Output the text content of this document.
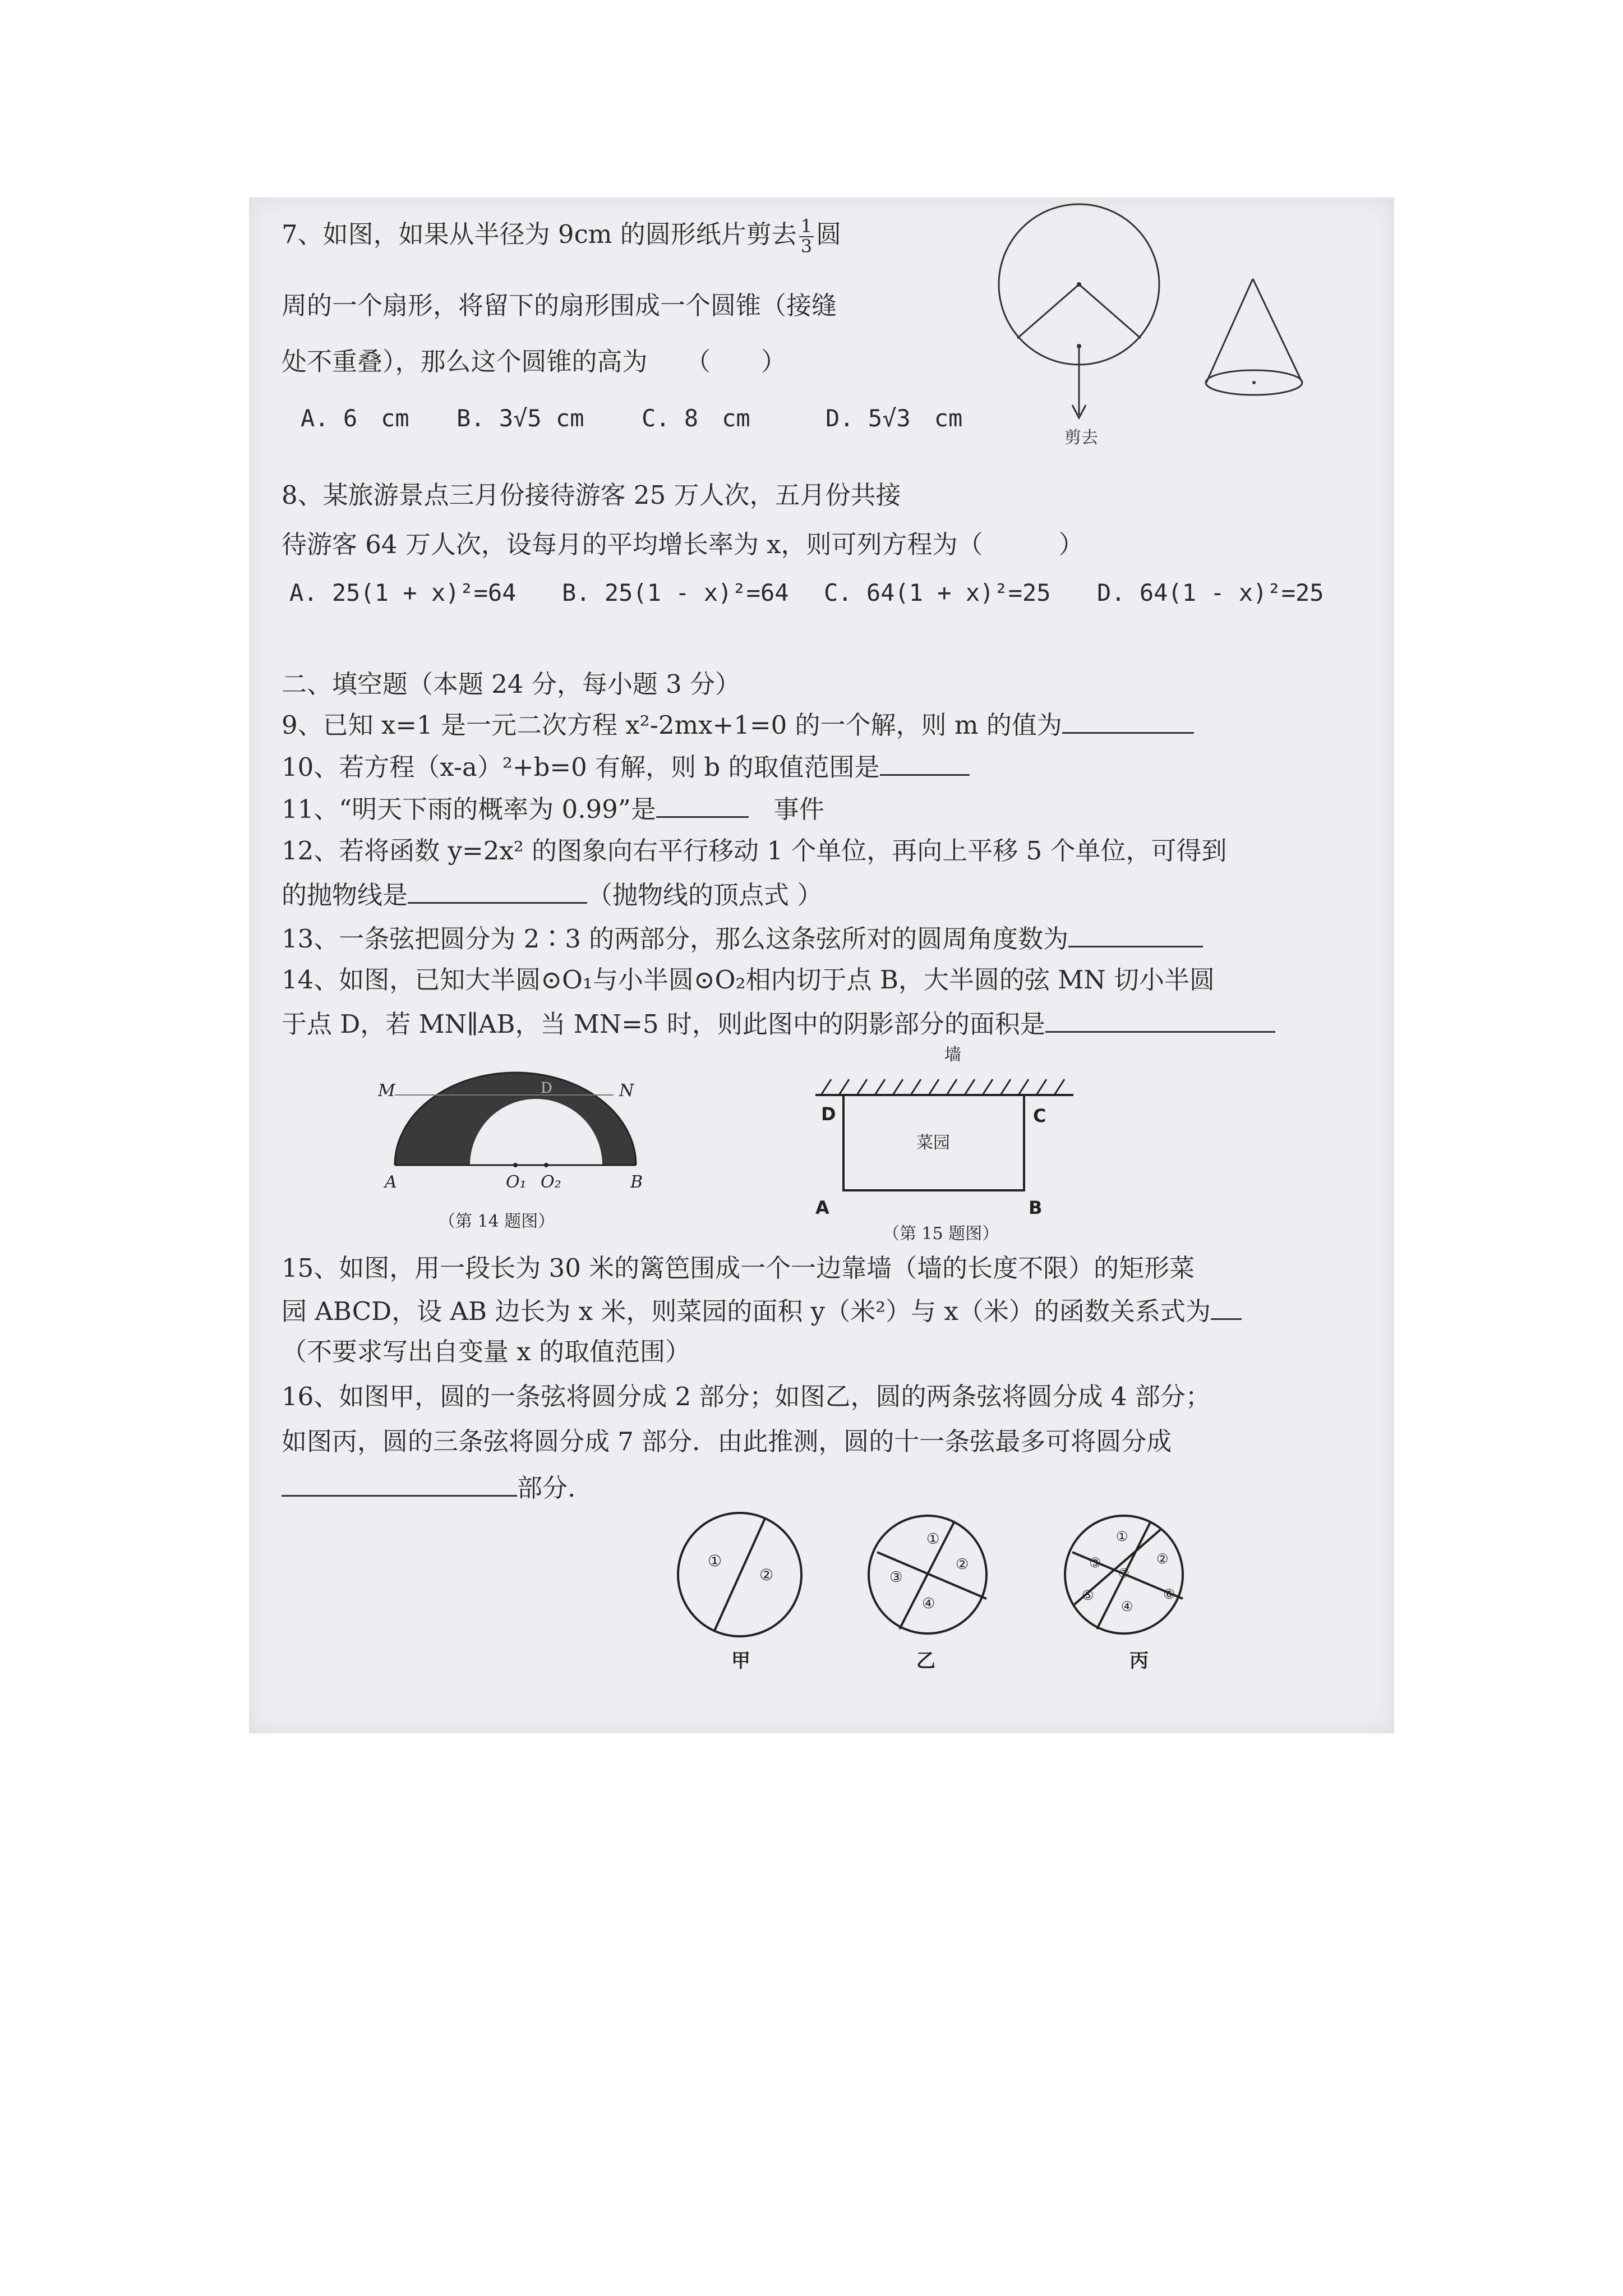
7、如图，如果从半径为 9cm 的圆形纸片剪去 $\frac{1}{3}$ 圆
周的一个扇形，将留下的扇形围成一个圆锥（接缝
处不重叠），那么这个圆锥的高为　　（　　）
A. 6　cm B. 3√5 cm C. 8　cm	D. 5√3　cm
剪去
8、某旅游景点三月份接待游客 25 万人次，五月份共接
待游客 64 万人次，设每月的平均增长率为 x，则可列方程为（　　　）
A. 25(1 + x)²=64 B. 25(1 - x)²=64 C. 64(1 + x)²=25 D. 64(1 - x)²=25
二、填空题（本题 24 分，每小题 3 分）
9、已知 x=1 是一元二次方程 x²-2mx+1=0 的一个解，则 m 的值为
10、若方程（x-a）²+b=0 有解，则 b 的取值范围是
11、“明天下雨的概率为 0.99”是　	事件
12、若将函数 y=2x² 的图象向右平行移动 1 个单位，再向上平移 5 个单位，可得到
的抛物线是	（抛物线的顶点式 ）
13、一条弦把圆分为 2∶3 的两部分，那么这条弦所对的圆周角度数为
14、如图，已知大半圆⊙O₁与小半圆⊙O₂相内切于点 B，大半圆的弦 MN 切小半圆
于点 D，若 MN∥AB，当 MN=5 时，则此图中的阴影部分的面积是
M	N
A	O₁ O₂	B
D
（第 14 题图）
墙
菜园
D	C
A	B
（第 15 题图）
15、如图，用一段长为 30 米的篱笆围成一个一边靠墙（墙的长度不限）的矩形菜
园 ABCD，设 AB 边长为 x 米，则菜园的面积 y（米²）与 x（米）的函数关系式为
（不要求写出自变量 x 的取值范围）
16、如图甲，圆的一条弦将圆分成 2 部分；如图乙，圆的两条弦将圆分成 4 部分；
如图丙，圆的三条弦将圆分成 7 部分．由此推测，圆的十一条弦最多可将圆分成
部分.
①
②
甲
①
②
③
④
乙
①
②
③
④
⑤	⑥
⑦
丙
